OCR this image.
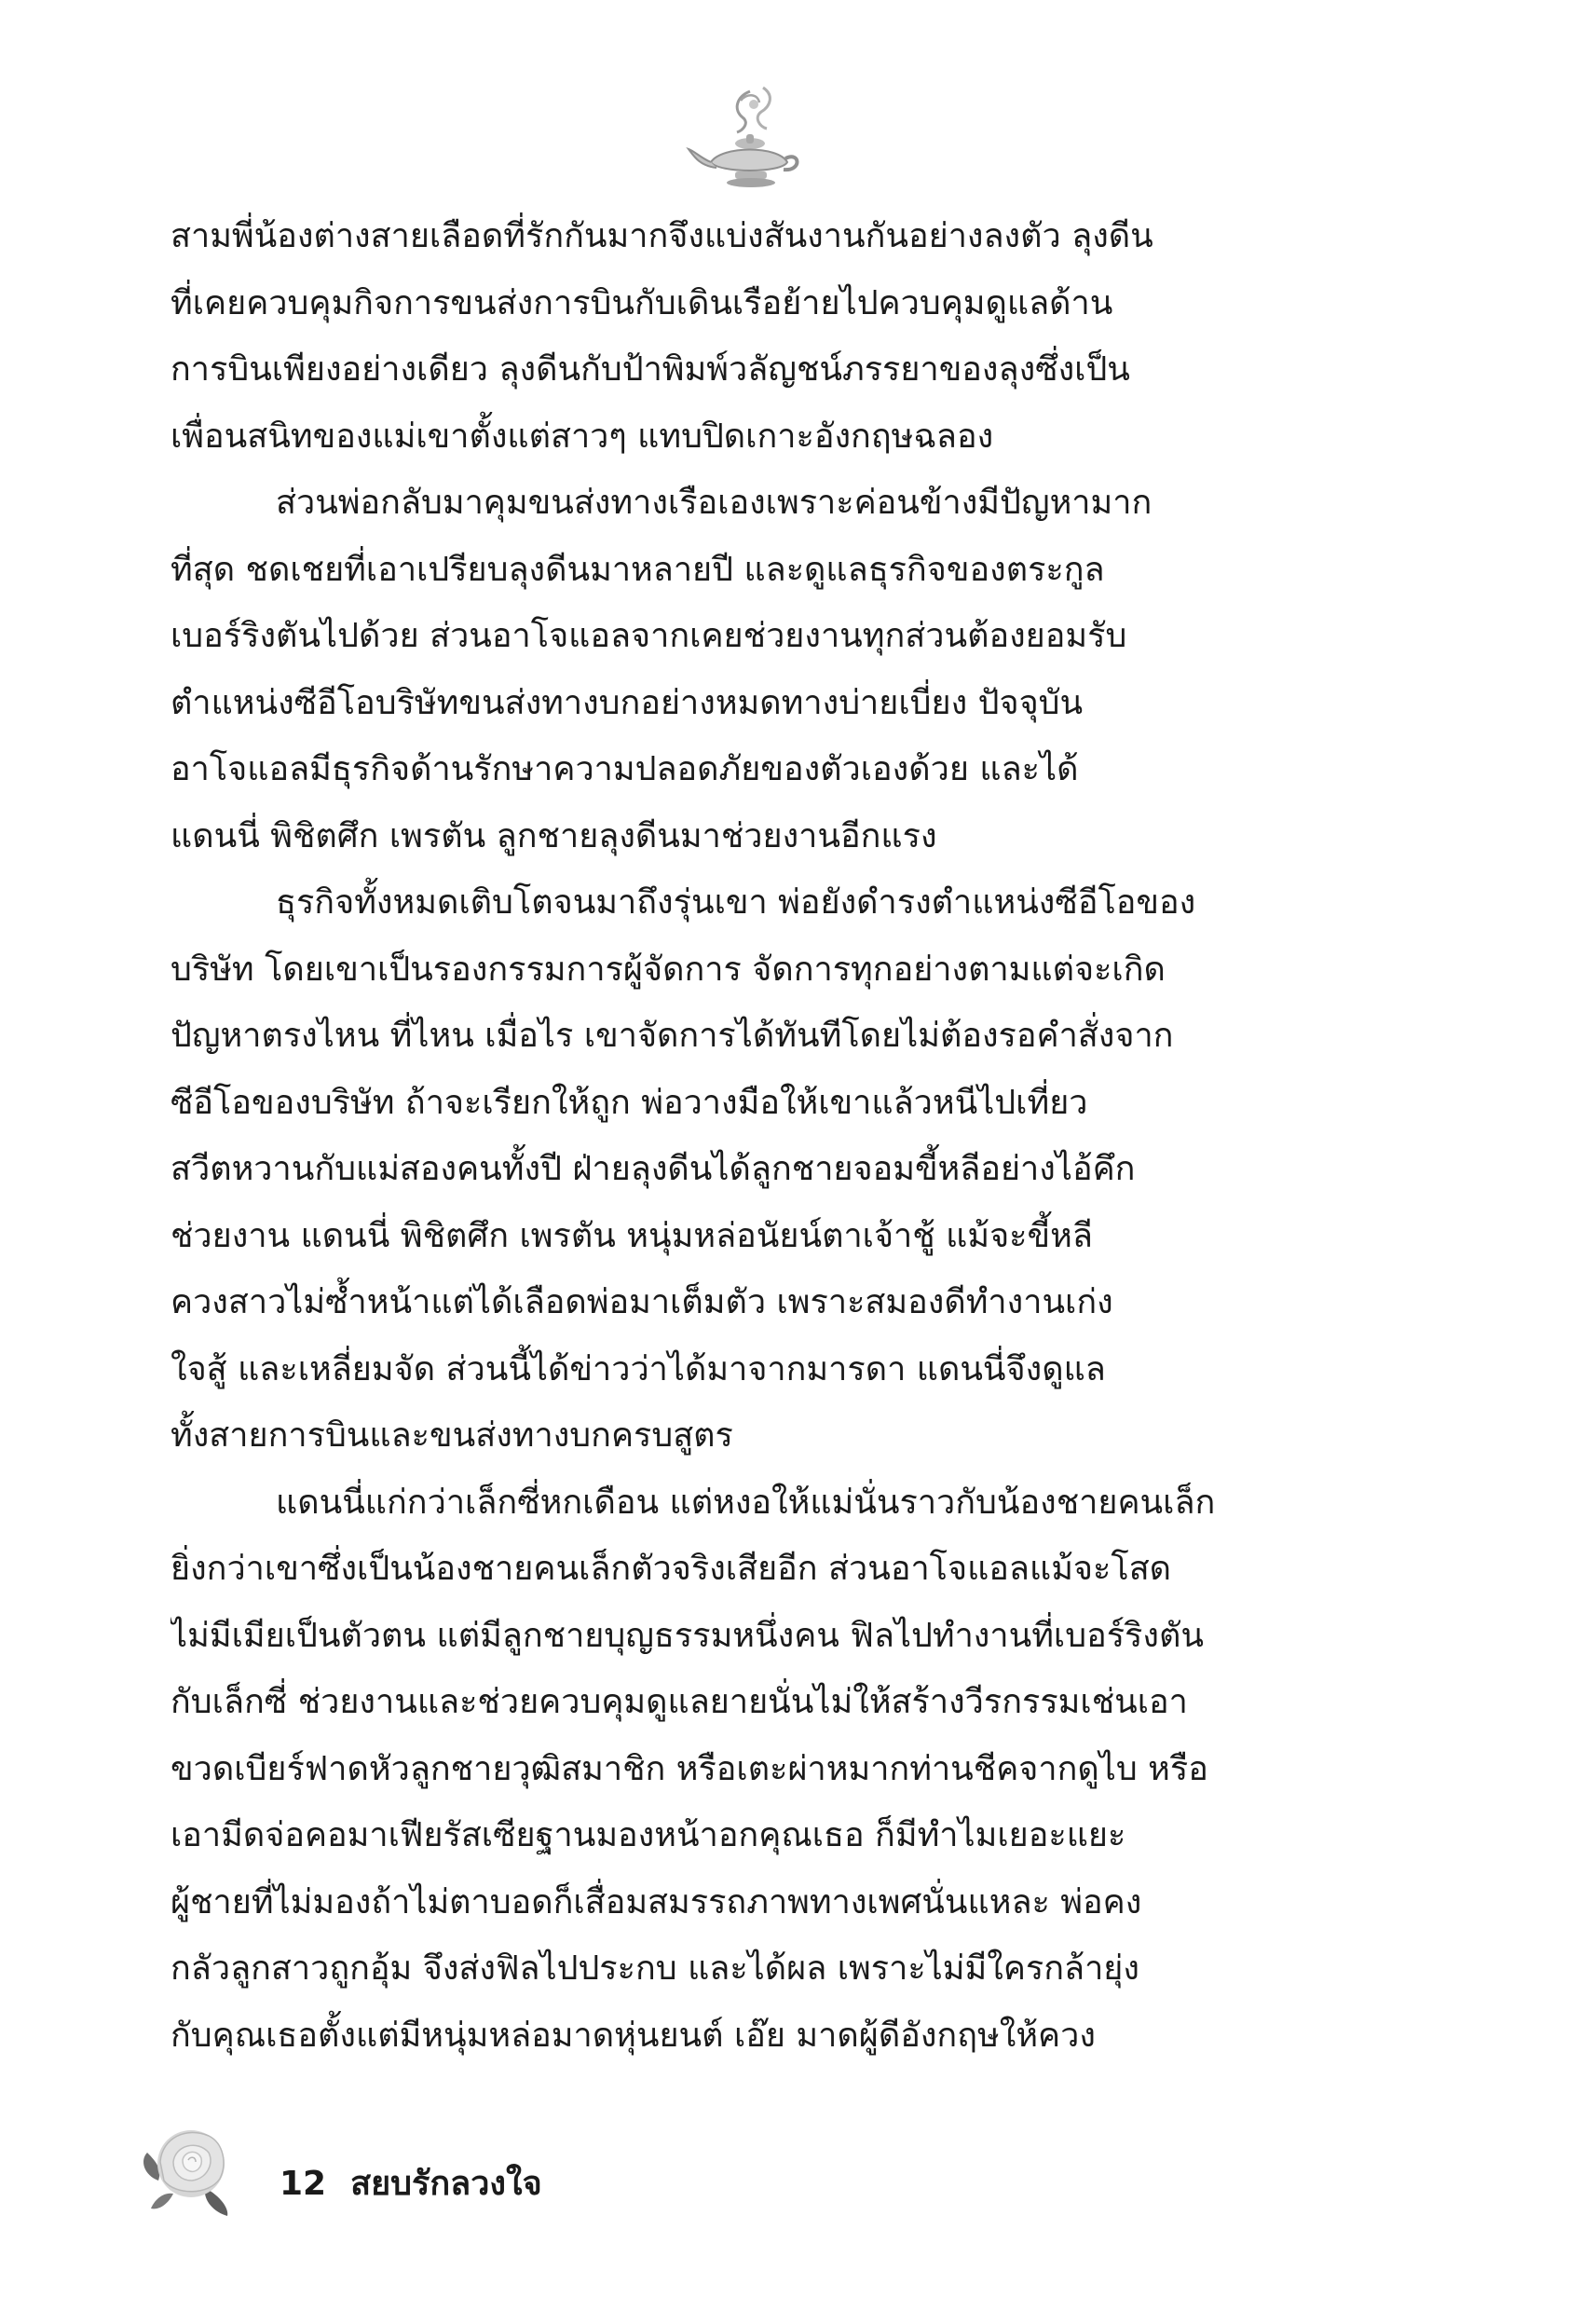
สามพี่น้องต่างสายเลือดที่รักกันมากจึงแบ่งสันงานกันอย่างลงตัว ลุงดีน
ที่เคยควบคุมกิจการขนส่งการบินกับเดินเรือย้ายไปควบคุมดูแลด้าน
การบินเพียงอย่างเดียว ลุงดีนกับป้าพิมพ์วลัญชน์ภรรยาของลุงซึ่งเป็น
เพื่อนสนิทของแม่เขาตั้งแต่สาวๆ แทบปิดเกาะอังกฤษฉลอง
ส่วนพ่อกลับมาคุมขนส่งทางเรือเองเพราะค่อนข้างมีปัญหามาก
ที่สุด ชดเชยที่เอาเปรียบลุงดีนมาหลายปี และดูแลธุรกิจของตระกูล
เบอร์ริงตันไปด้วย ส่วนอาโจแอลจากเคยช่วยงานทุกส่วนต้องยอมรับ
ตำแหน่งซีอีโอบริษัทขนส่งทางบกอย่างหมดทางบ่ายเบี่ยง ปัจจุบัน
อาโจแอลมีธุรกิจด้านรักษาความปลอดภัยของตัวเองด้วย และได้
แดนนี่ พิชิตศึก เพรตัน ลูกชายลุงดีนมาช่วยงานอีกแรง
ธุรกิจทั้งหมดเติบโตจนมาถึงรุ่นเขา พ่อยังดำรงตำแหน่งซีอีโอของ
บริษัท โดยเขาเป็นรองกรรมการผู้จัดการ จัดการทุกอย่างตามแต่จะเกิด
ปัญหาตรงไหน ที่ไหน เมื่อไร เขาจัดการได้ทันทีโดยไม่ต้องรอคำสั่งจาก
ซีอีโอของบริษัท ถ้าจะเรียกให้ถูก พ่อวางมือให้เขาแล้วหนีไปเที่ยว
สวีตหวานกับแม่สองคนทั้งปี ฝ่ายลุงดีนได้ลูกชายจอมขี้หลีอย่างไอ้คึก
ช่วยงาน แดนนี่ พิชิตศึก เพรตัน หนุ่มหล่อนัยน์ตาเจ้าชู้ แม้จะขี้หลี
ควงสาวไม่ซ้ำหน้าแต่ได้เลือดพ่อมาเต็มตัว เพราะสมองดีทำงานเก่ง
ใจสู้ และเหลี่ยมจัด ส่วนนี้ได้ข่าวว่าได้มาจากมารดา แดนนี่จึงดูแล
ทั้งสายการบินและขนส่งทางบกครบสูตร
แดนนี่แก่กว่าเล็กซี่หกเดือน แต่หงอให้แม่นั่นราวกับน้องชายคนเล็ก
ยิ่งกว่าเขาซึ่งเป็นน้องชายคนเล็กตัวจริงเสียอีก ส่วนอาโจแอลแม้จะโสด
ไม่มีเมียเป็นตัวตน แต่มีลูกชายบุญธรรมหนึ่งคน ฟิลไปทำงานที่เบอร์ริงตัน
กับเล็กซี่ ช่วยงานและช่วยควบคุมดูแลยายนั่นไม่ให้สร้างวีรกรรมเช่นเอา
ขวดเบียร์ฟาดหัวลูกชายวุฒิสมาชิก หรือเตะผ่าหมากท่านชีคจากดูไบ หรือ
เอามีดจ่อคอมาเฟียรัสเซียฐานมองหน้าอกคุณเธอ ก็มีทำไมเยอะแยะ
ผู้ชายที่ไม่มองถ้าไม่ตาบอดก็เสื่อมสมรรถภาพทางเพศนั่นแหละ พ่อคง
กลัวลูกสาวถูกอุ้ม จึงส่งฟิลไปประกบ และได้ผล เพราะไม่มีใครกล้ายุ่ง
กับคุณเธอตั้งแต่มีหนุ่มหล่อมาดหุ่นยนต์ เอ๊ย มาดผู้ดีอังกฤษให้ควง
12 สยบรักลวงใจ
